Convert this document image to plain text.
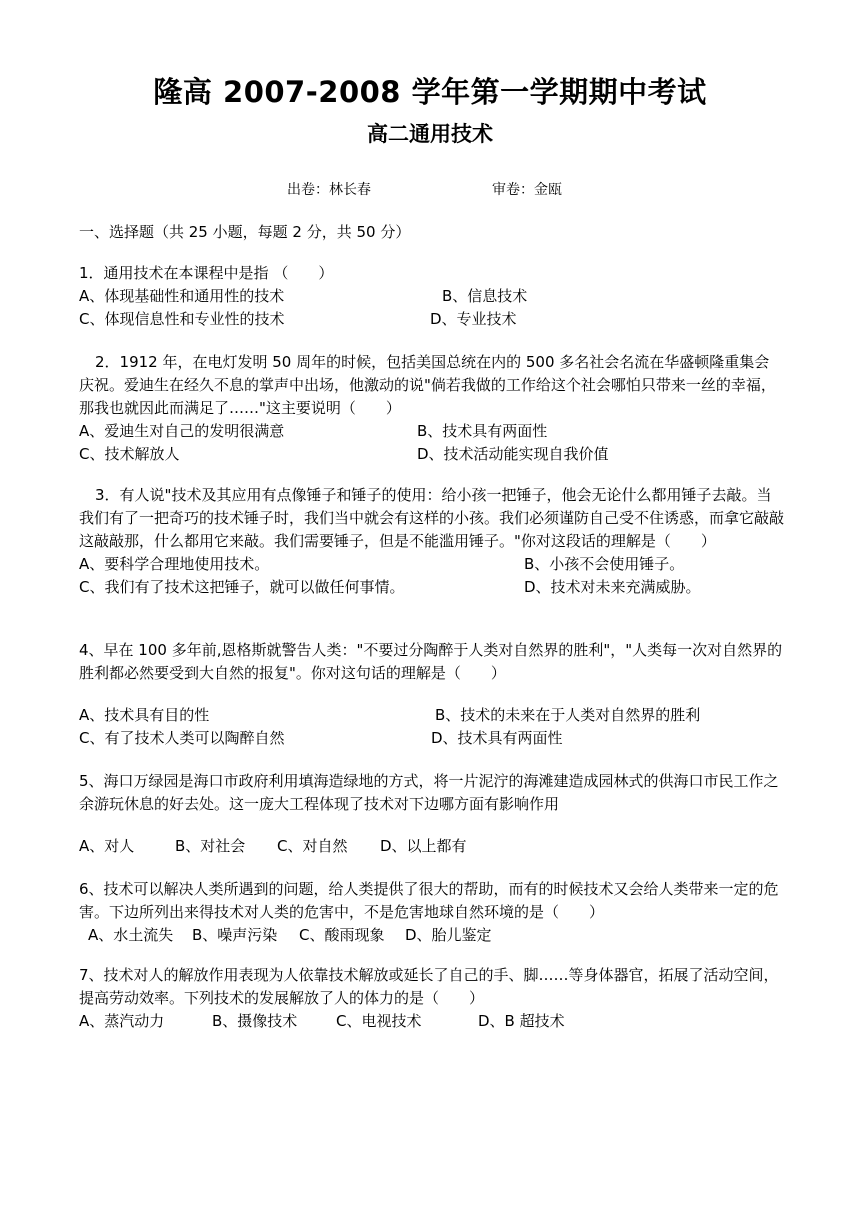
隆高 2007-2008 学年第一学期期中考试
高二通用技术
出卷：林长春	审卷：金瓯
一、选择题（共 25 小题，每题 2 分，共 50 分）

1．通用技术在本课程中是指 （　　）

A、体现基础性和通用性的技术	B、信息技术
C、体现信息性和专业性的技术	D、专业技术

2．1912 年，在电灯发明 50 周年的时候，包括美国总统在内的 500 多名社会名流在华盛顿隆重集会庆祝。爱迪生在经久不息的掌声中出场，他激动的说"倘若我做的工作给这个社会哪怕只带来一丝的幸福，那我也就因此而满足了……"这主要说明（　　）

A、爱迪生对自己的发明很满意	B、技术具有两面性
C、技术解放人	D、技术活动能实现自我价值

3．有人说"技术及其应用有点像锤子和锤子的使用：给小孩一把锤子，他会无论什么都用锤子去敲。当我们有了一把奇巧的技术锤子时，我们当中就会有这样的小孩。我们必须谨防自己受不住诱惑，而拿它敲敲这敲敲那，什么都用它来敲。我们需要锤子，但是不能滥用锤子。"你对这段话的理解是（　　）

A、要科学合理地使用技术。	B、小孩不会使用锤子。
C、我们有了技术这把锤子，就可以做任何事情。	D、技术对未来充满威胁。

4、早在 100 多年前,恩格斯就警告人类："不要过分陶醉于人类对自然界的胜利"，"人类每一次对自然界的胜利都必然要受到大自然的报复"。你对这句话的理解是（　　）

A、技术具有目的性	B、技术的未来在于人类对自然界的胜利
C、有了技术人类可以陶醉自然	D、技术具有两面性

5、海口万绿园是海口市政府利用填海造绿地的方式，将一片泥泞的海滩建造成园林式的供海口市民工作之余游玩休息的好去处。这一庞大工程体现了技术对下边哪方面有影响作用

A、对人	B、对社会 C、对自然 D、以上都有

6、技术可以解决人类所遇到的问题，给人类提供了很大的帮助，而有的时候技术又会给人类带来一定的危害。下边所列出来得技术对人类的危害中，不是危害地球自然环境的是（　　）

A、水土流失 B、噪声污染 C、酸雨现象 D、胎儿鉴定

7、技术对人的解放作用表现为人依靠技术解放或延长了自己的手、脚……等身体器官，拓展了活动空间，提高劳动效率。下列技术的发展解放了人的体力的是（　　）

A、蒸汽动力	B、摄像技术	C、电视技术	D、B 超技术
